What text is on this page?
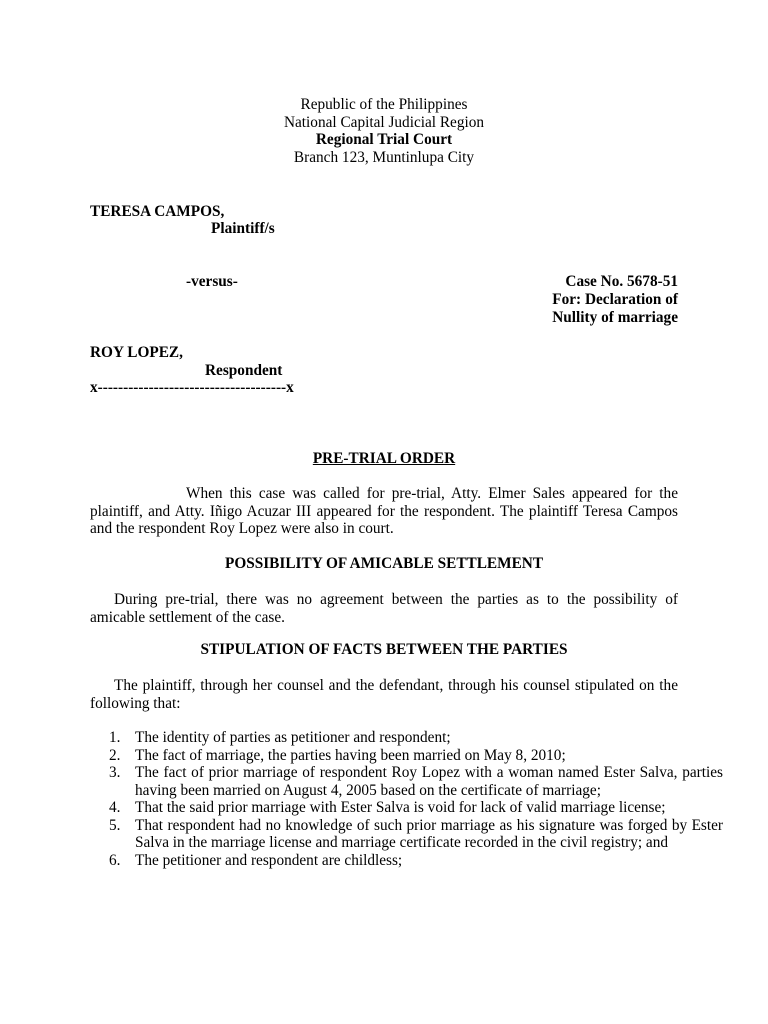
Republic of the Philippines
National Capital Judicial Region
Regional Trial Court
Branch 123, Muntinlupa City
TERESA CAMPOS,
Plaintiff/s
-versus-	Case No. 5678-51
For: Declaration of
Nullity of marriage
ROY LOPEZ,
Respondent
x-------------------------------------x
PRE-TRIAL ORDER
When this case was called for pre-trial, Atty. Elmer Sales appeared for the plaintiff, and Atty. Iñigo Acuzar III appeared for the respondent. The plaintiff Teresa Campos and the respondent Roy Lopez were also in court.
POSSIBILITY OF AMICABLE SETTLEMENT
During pre-trial, there was no agreement between the parties as to the possibility of amicable settlement of the case.
STIPULATION OF FACTS BETWEEN THE PARTIES
The plaintiff, through her counsel and the defendant, through his counsel stipulated on the following that:
1. The identity of parties as petitioner and respondent;
2. The fact of marriage, the parties having been married on May 8, 2010;
3. The fact of prior marriage of respondent Roy Lopez with a woman named Ester Salva, parties having been married on August 4, 2005 based on the certificate of marriage;
4. That the said prior marriage with Ester Salva is void for lack of valid marriage license;
5. That respondent had no knowledge of such prior marriage as his signature was forged by Ester Salva in the marriage license and marriage certificate recorded in the civil registry; and
6. The petitioner and respondent are childless;
